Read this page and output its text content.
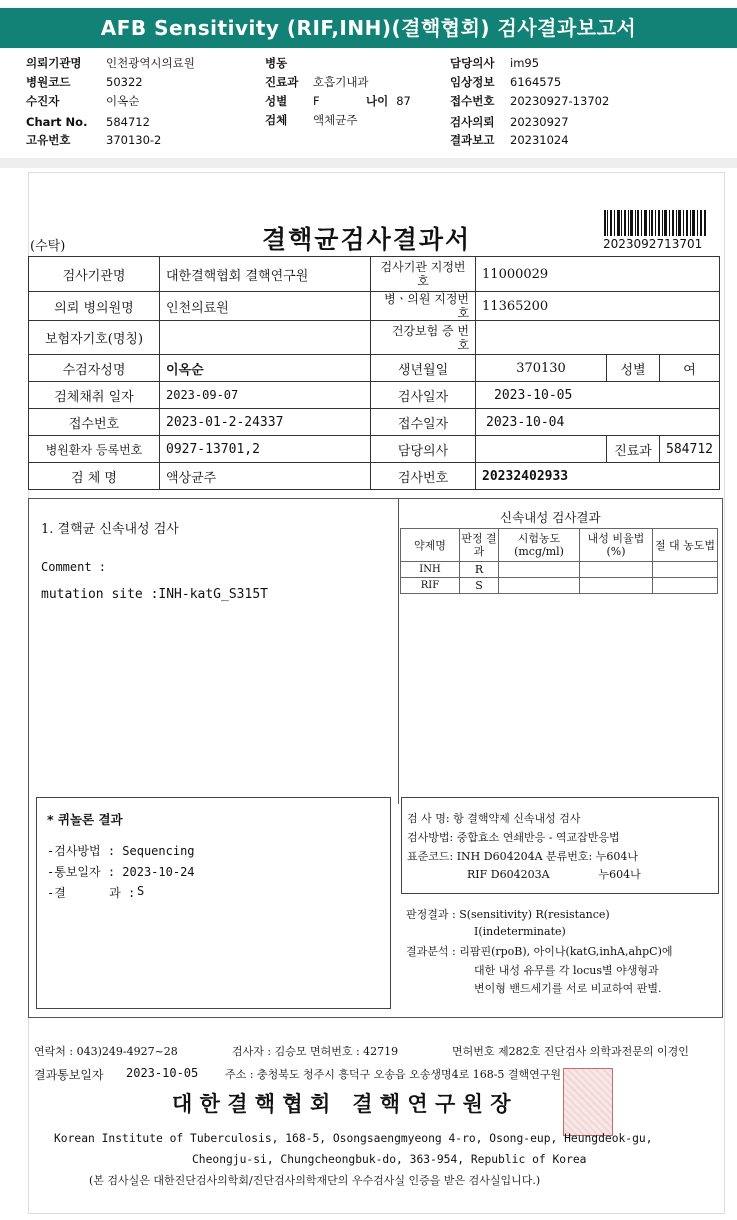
AFB Sensitivity (RIF,INH)(결핵협회) 검사결과보고서
의뢰기관명 인천광역시의료원
병원코드	50322
수진자	이옥순
Chart No. 584712
고유번호	370130-2
병동
진료과 호흡기내과
성별 F	나이 87
검체 액체균주
담당의사 im95
임상정보 6164575
접수번호 20230927-13702
검사의뢰 20230927
결과보고 20231024
(수탁)	결핵균검사결과서	2023092713701
검사기관명	대한결핵협회 결핵연구원	검사기관 지정번호	11000029		
의뢰 병의원명	인천의료원	병ㆍ의원 지정번호	11365200		
보험자기호(명칭)		건강보험 증 번 호			
수검자성명	이옥순	생년월일	370130	성별	여
검체채취 일자	2023-09-07	검사일자	2023-10-05		
접수번호	2023-01-2-24337	접수일자	2023-10-04		
병원환자 등록번호	0927-13701,2	담당의사		진료과	584712
검 체 명	액상균주	검사번호	20232402933		
1. 결핵균 신속내성 검사
Comment :
mutation site :INH-katG_S315T
신속내성 검사결과
약제명	판정 결과	시험농도 (mcg/ml)	내성 비율법(%)	절 대 농도법
INH	R			
RIF	S			
* 퀴놀론 결과
-검사방법 : Sequencing
-통보일자 : 2023-10-24
-결      과 : S
검 사 명: 항 결핵약제 신속내성 검사
검사방법: 중합효소 연쇄반응 - 역교잡반응법
표준코드: INH D604204A 분류번호: 누604나
RIF D604203A              누604나
판정결과 : S(sensitivity) R(resistance)
I(indeterminate)
결과분석 : 리팜핀(rpoB), 아이나(katG,inhA,ahpC)에
대한 내성 유무를 각 locus별 야생형과
변이형 밴드세기를 서로 비교하여 판별.
연락처 : 043)249-4927~28	검사자 : 김승모 면허번호 : 42719	면허번호 제282호 진단검사 의학과전문의 이경인
결과통보일자 2023-10-05 주소 : 충청북도 청주시 흥덕구 오송읍 오송생명4로 168-5 결핵연구원
대 한 결 핵 협 회   결 핵 연 구 원 장
Korean Institute of Tuberculosis, 168-5, Osongsaengmyeong 4-ro, Osong-eup, Heungdeok-gu,
Cheongju-si, Chungcheongbuk-do, 363-954, Republic of Korea
(본 검사실은 대한진단검사의학회/진단검사의학재단의 우수검사실 인증을 받은 검사실입니다.)
